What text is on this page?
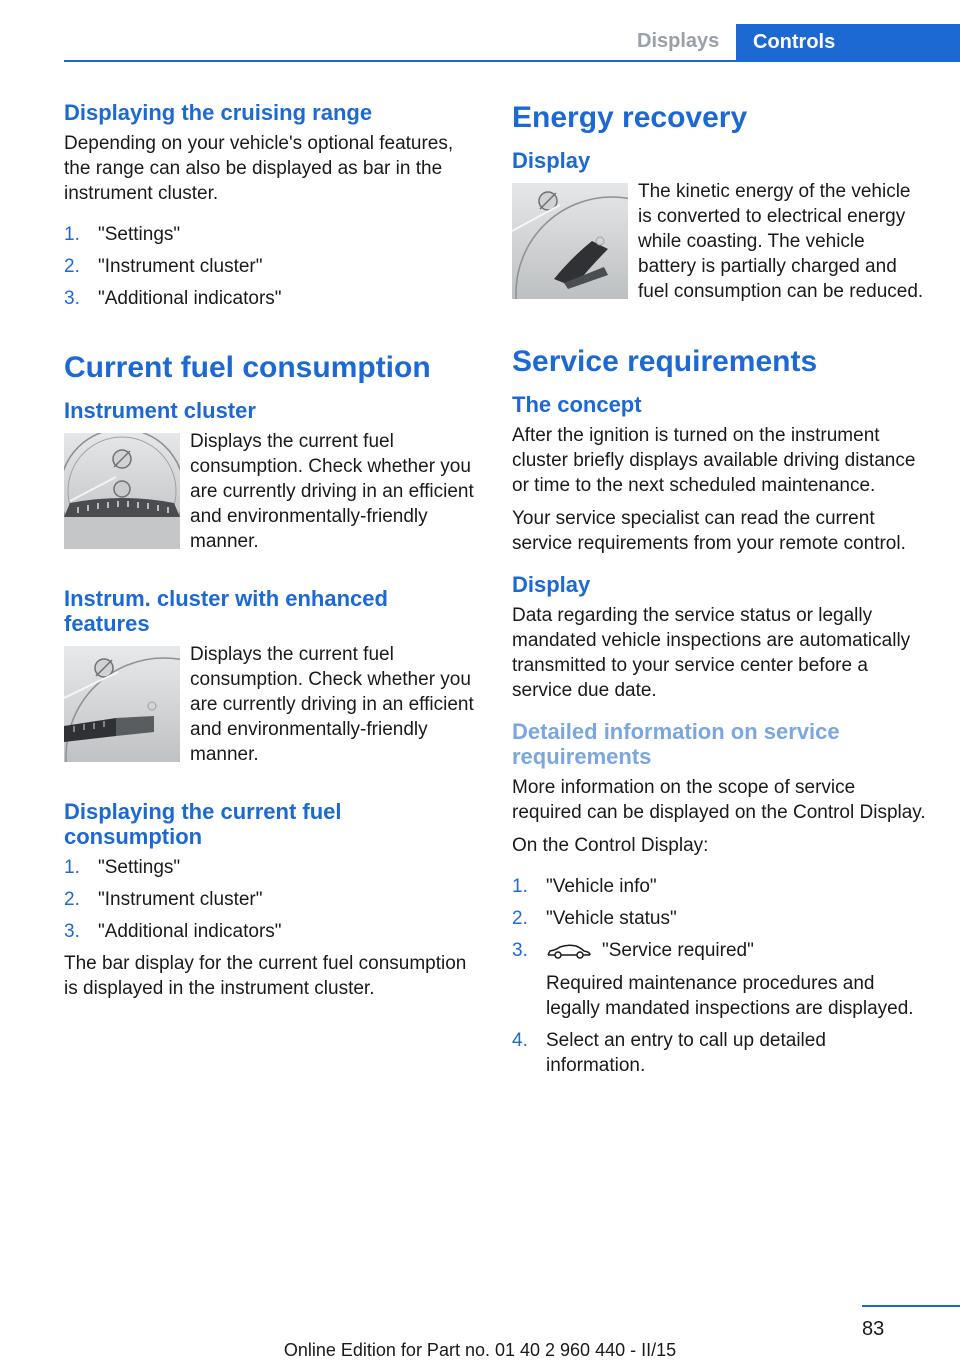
Displays	Controls
Displaying the cruising range

Depending on your vehicle's optional features, the range can also be displayed as bar in the instrument cluster.

1. "Settings"
2. "Instrument cluster"
3. "Additional indicators"
Current fuel consumption
Instrument cluster

Displays the current fuel consumption. Check whether you are currently driving in an efficient and environmentally-friendly manner.

Instrum. cluster with enhanced features

Displays the current fuel consumption. Check whether you are currently driving in an efficient and environmentally-friendly manner.

Displaying the current fuel consumption
1. "Settings"
2. "Instrument cluster"
3. "Additional indicators"

The bar display for the current fuel consumption is displayed in the instrument cluster.

Energy recovery
Display

The kinetic energy of the vehicle is converted to electrical energy while coasting. The vehicle battery is partially charged and fuel consumption can be reduced.

Service requirements
The concept

After the ignition is turned on the instrument cluster briefly displays available driving distance or time to the next scheduled maintenance.

Your service specialist can read the current service requirements from your remote control.

Display

Data regarding the service status or legally mandated vehicle inspections are automatically transmitted to your service center before a service due date.

Detailed information on service requirements

More information on the scope of service required can be displayed on the Control Display.

On the Control Display:

1. "Vehicle info"
2. "Vehicle status"
3.	"Service required"
Required maintenance procedures and legally mandated inspections are displayed.
4. Select an entry to call up detailed information.
83
Online Edition for Part no. 01 40 2 960 440 - II/15
